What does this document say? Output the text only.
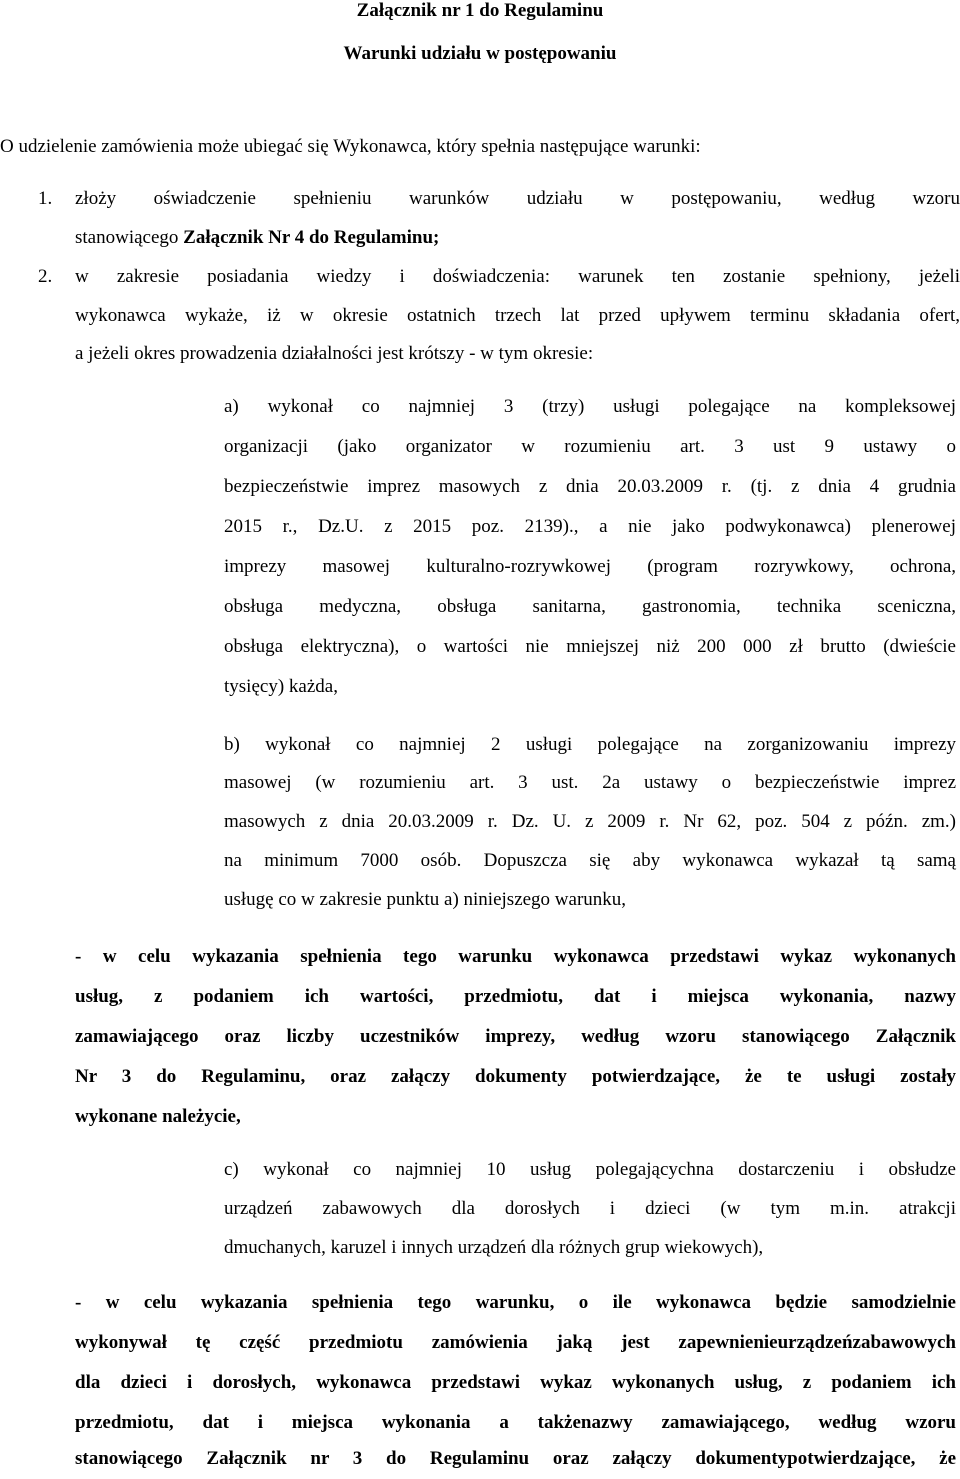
Załącznik nr 1 do Regulaminu
Warunki udziału w postępowaniu
O udzielenie zamówienia może ubiegać się Wykonawca, który spełnia następujące warunki:
1. złoży oświadczenie spełnieniu warunków udziału w postępowaniu, według wzoru
stanowiącego Załącznik Nr 4 do Regulaminu;
2. w zakresie posiadania wiedzy i doświadczenia: warunek ten zostanie spełniony, jeżeli
wykonawca wykaże, iż w okresie ostatnich trzech lat przed upływem terminu składania ofert,
a jeżeli okres prowadzenia działalności jest krótszy - w tym okresie:
a) wykonał co najmniej 3 (trzy) usługi polegające na kompleksowej
organizacji (jako organizator w rozumieniu art. 3 ust 9 ustawy o
bezpieczeństwie imprez masowych z dnia 20.03.2009 r. (tj. z dnia 4 grudnia
2015 r., Dz.U. z 2015 poz. 2139)., a nie jako podwykonawca) plenerowej
imprezy masowej kulturalno-rozrywkowej (program rozrywkowy, ochrona,
obsługa medyczna, obsługa sanitarna, gastronomia, technika sceniczna,
obsługa elektryczna), o wartości nie mniejszej niż 200 000 zł brutto (dwieście
tysięcy) każda,
b) wykonał co najmniej 2 usługi polegające na zorganizowaniu imprezy
masowej (w rozumieniu art. 3 ust. 2a ustawy o bezpieczeństwie imprez
masowych z dnia 20.03.2009 r. Dz. U. z 2009 r. Nr 62, poz. 504 z późn. zm.)
na minimum 7000 osób. Dopuszcza się aby wykonawca wykazał tą samą
usługę co w zakresie punktu a) niniejszego warunku,
- w celu wykazania spełnienia tego warunku wykonawca przedstawi wykaz wykonanych
usług, z podaniem ich wartości, przedmiotu, dat i miejsca wykonania, nazwy
zamawiającego oraz liczby uczestników imprezy, według wzoru stanowiącego Załącznik
Nr 3 do Regulaminu, oraz załączy dokumenty potwierdzające, że te usługi zostały
wykonane należycie,
c) wykonał co najmniej 10 usług polegającychna dostarczeniu i obsłudze
urządzeń zabawowych dla dorosłych i dzieci (w tym m.in. atrakcji
dmuchanych, karuzel i innych urządzeń dla różnych grup wiekowych),
- w celu wykazania spełnienia tego warunku, o ile wykonawca będzie samodzielnie
wykonywał tę część przedmiotu zamówienia jaką jest zapewnienieurządzeńzabawowych
dla dzieci i dorosłych, wykonawca przedstawi wykaz wykonanych usług, z podaniem ich
przedmiotu, dat i miejsca wykonania a takżenazwy zamawiającego, według wzoru
stanowiącego Załącznik nr 3 do Regulaminu oraz załączy dokumentypotwierdzające, że
